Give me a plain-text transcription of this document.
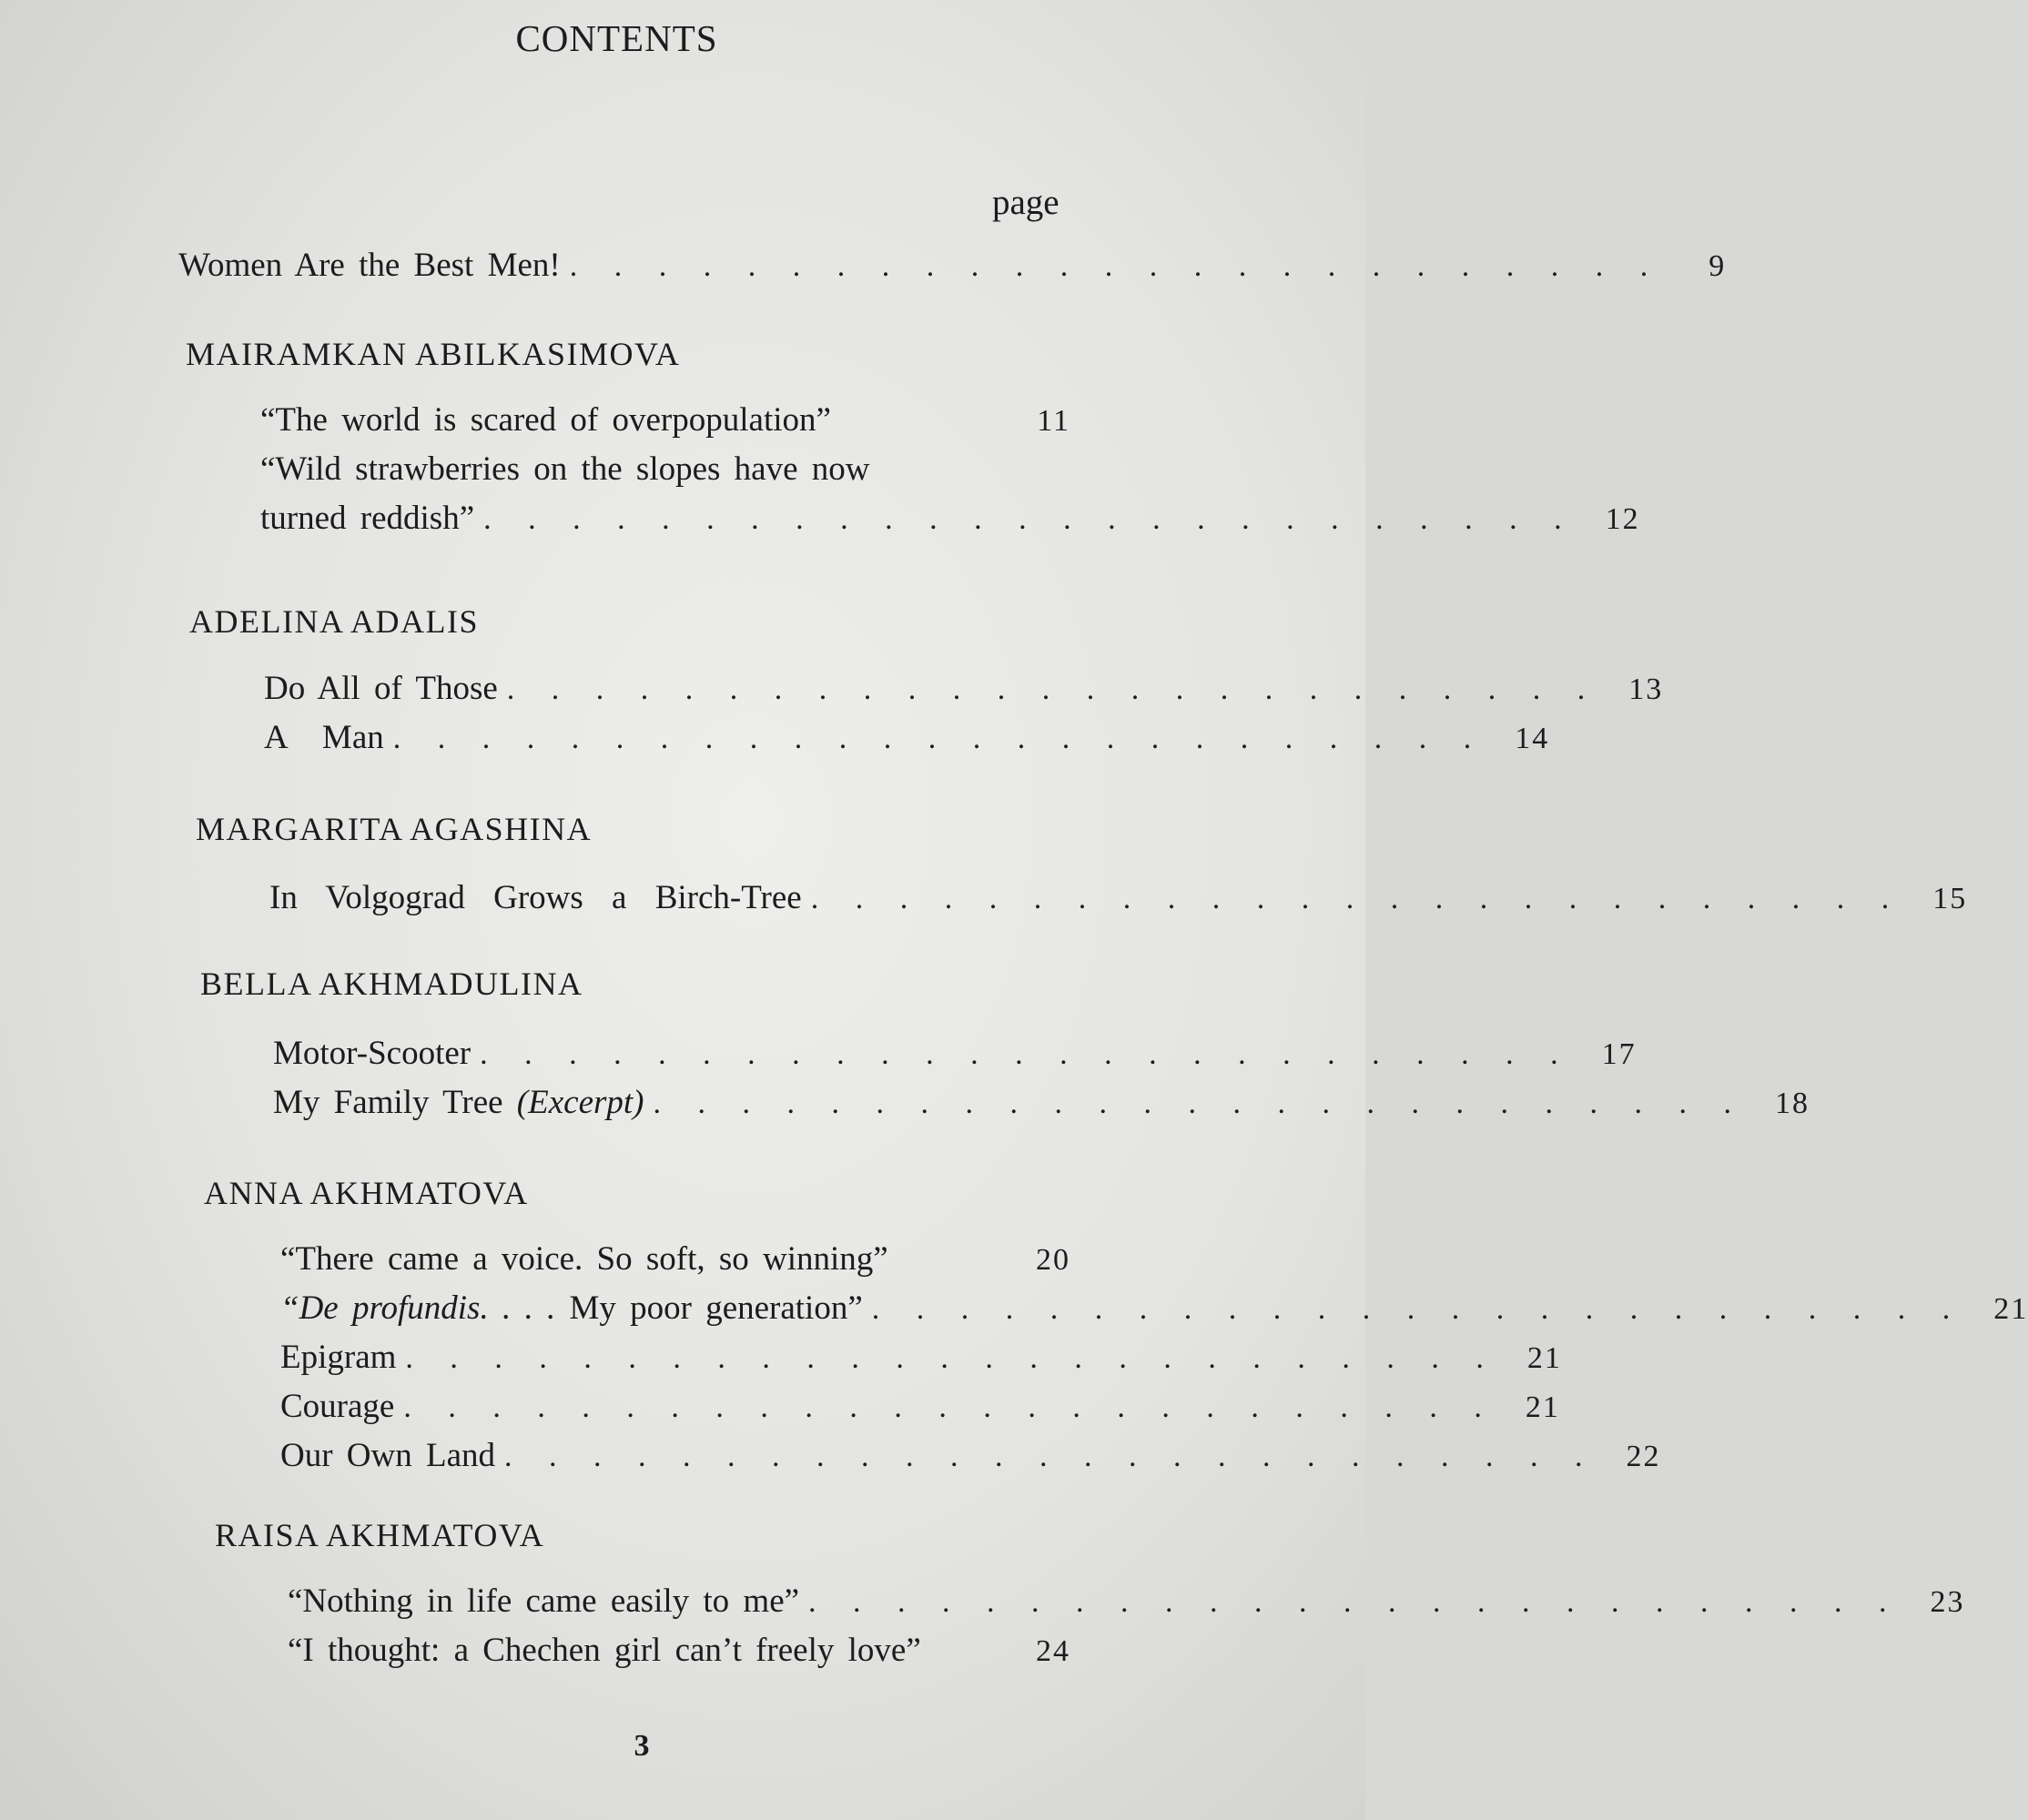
CONTENTS
page
Women Are the Best Men! . . . . . . . . . . . . . . . . . . . . . . . . .	9
MAIRAMKAN ABILKASIMOVA
“The world is scared of overpopulation”	11
“Wild strawberries on the slopes have now
turned reddish” . . . . . . . . . . . . . . . . . . . . . . . . . 12
ADELINA ADALIS
Do All of Those . . . . . . . . . . . . . . . . . . . . . . . . . 13
A Man . . . . . . . . . . . . . . . . . . . . . . . . . 14
MARGARITA AGASHINA
In Volgograd Grows a Birch-Tree . . . . . . . . . . . . . . . . . . . . . . . . . 15
BELLA AKHMADULINA
Motor-Scooter . . . . . . . . . . . . . . . . . . . . . . . . . 17
My Family Tree (Excerpt) . . . . . . . . . . . . . . . . . . . . . . . . . 18
ANNA AKHMATOVA
“There came a voice. So soft, so winning”	20
“De profundis. . . . My poor generation” . . . . . . . . . . . . . . . . . . . . . . . . . 21
Epigram . . . . . . . . . . . . . . . . . . . . . . . . . 21
Courage . . . . . . . . . . . . . . . . . . . . . . . . . 21
Our Own Land . . . . . . . . . . . . . . . . . . . . . . . . . 22
RAISA AKHMATOVA
“Nothing in life came easily to me” . . . . . . . . . . . . . . . . . . . . . . . . . 23
“I thought: a Chechen girl can’t freely love”	24
3
